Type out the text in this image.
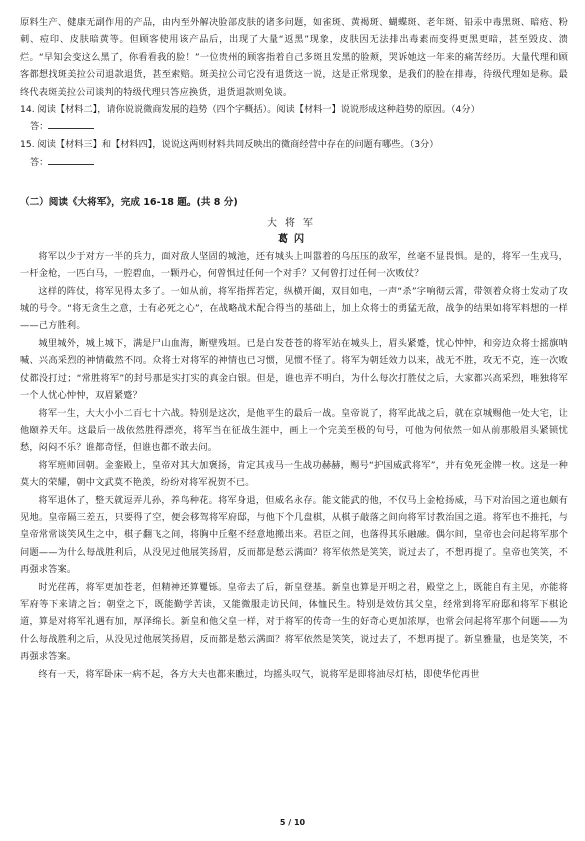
原料生产、健康无副作用的产品，由内至外解决脸部皮肤的诸多问题，如雀斑、黄褐斑、蝴蝶斑、老年斑、铅汞中毒黑斑、暗疮、粉刺、痘印、皮肤暗黄等。但顾客使用该产品后，出现了大量“返黑”现象，皮肤因无法排出毒素而变得更黑更暗，甚至毁皮、溃烂。“早知会变这么黑了，你看看我的脸！”一位贵州的顾客指着自己多斑且发黑的脸颊，哭诉她这一年来的痛苦经历。大量代理和顾客都想找斑美拉公司退款退货，甚至索赔。斑美拉公司它没有退货这一说，这是正常现象，是我们的脸在排毒，待级代理如是称。最终代表斑美拉公司谈判的特级代理只答应换货，退货退款则免谈。

14. 阅读【材料二】，请你说说微商发展的趋势（四个字概括）。阅读【材料一】说说形成这种趋势的原因。（4分）

答：

15. 阅读【材料三】和【材料四】，说说这两则材料共同反映出的微商经营中存在的问题有哪些。（3分）

答：

（二）阅读《大将军》，完成 16-18 题。(共 8 分)

大将军

葛闪

将军以少于对方一半的兵力，面对敌人坚固的城池，还有城头上叫嚣着的乌压压的敌军，丝毫不显畏惧。是的，将军一生戎马，一杆金枪，一匹白马，一腔碧血，一颗丹心，何曾惧过任何一个对手？又何曾打过任何一次败仗？

这样的阵仗，将军见得太多了。一如从前，将军指挥若定，纵横开阖，双目如电，一声“杀”字响彻云霄，带领着众将士发动了攻城的号令。“将无贪生之意，士有必死之心”，在战略战术配合得当的基础上，加上众将士的勇猛无敌，战争的结果如将军料想的一样——己方胜利。

城里城外，城上城下，满是尸山血海，断壁残垣。已是白发苍苍的将军站在城头上，眉头紧蹙，忧心忡忡，和旁边众将士摇旗呐喊、兴高采烈的神情截然不同。众将士对将军的神情也已习惯，见惯不怪了。将军为朝廷效力以来，战无不胜，攻无不克，连一次败仗都没打过；“常胜将军”的封号那是实打实的真金白银。但是，谁也弄不明白，为什么每次打胜仗之后，大家都兴高采烈，唯独将军一个人忧心忡忡，双眉紧蹙？

将军一生，大大小小二百七十六战。特别是这次，是他平生的最后一战。皇帝说了，将军此战之后，就在京城赐他一处大宅，让他颐养天年。这最后一战依然胜得漂亮，将军当在征战生涯中，画上一个完美至极的句号，可他为何依然一如从前那般眉头紧锁忧愁，闷闷不乐？谁都奇怪，但谁也都不敢去问。

将军班师回朝。金銮殿上，皇帝对其大加褒扬，肯定其戎马一生战功赫赫，赐号“护国威武将军”，并有免死金牌一枚。这是一种莫大的荣耀，朝中文武莫不艳羡，纷纷对将军祝贺不已。

将军退休了，整天就逗弄儿孙，养鸟种花。将军身退，但威名永存。能文能武的他，不仅马上金枪扬威，马下对治国之道也颇有见地。皇帝隔三差五，只要得了空，便会移驾将军府邸，与他下个几盘棋，从棋子敲落之间向将军讨教治国之道。将军也不推托，与皇帝常常谈笑风生之中，棋子翻飞之间，将胸中丘壑不经意地搬出来。君臣之间，也落得其乐融融。偶尔间，皇帝也会问起将军那个问题——为什么每战胜利后，从没见过他展笑扬眉，反而都是愁云满面？将军依然是笑笑，说过去了，不想再提了。皇帝也笑笑，不再强求答案。

时光荏苒，将军更加苍老，但精神还算矍铄。皇帝去了后，新皇登基。新皇也算是开明之君，殿堂之上，既能自有主见，亦能将军府等下来请之旨；朝堂之下，既能勤学苦读，又能微服走访民间，体恤民生。特别是效仿其父皇，经常到将军府邸和将军下棋论道，算是对将军礼遇有加，厚泽绵长。新皇和他父皇一样，对于将军的传奇一生的好奇心更加浓厚，也常会问起将军那个问题——为什么每战胜利之后，从没见过他展笑扬眉，反而都是愁云满面？将军依然是笑笑，说过去了，不想再提了。新皇雅量，也是笑笑，不再强求答案。

终有一天，将军卧床一病不起，各方大夫也都来瞧过，均摇头叹气，说将军是即将油尽灯枯，即使华佗再世

5 / 10
